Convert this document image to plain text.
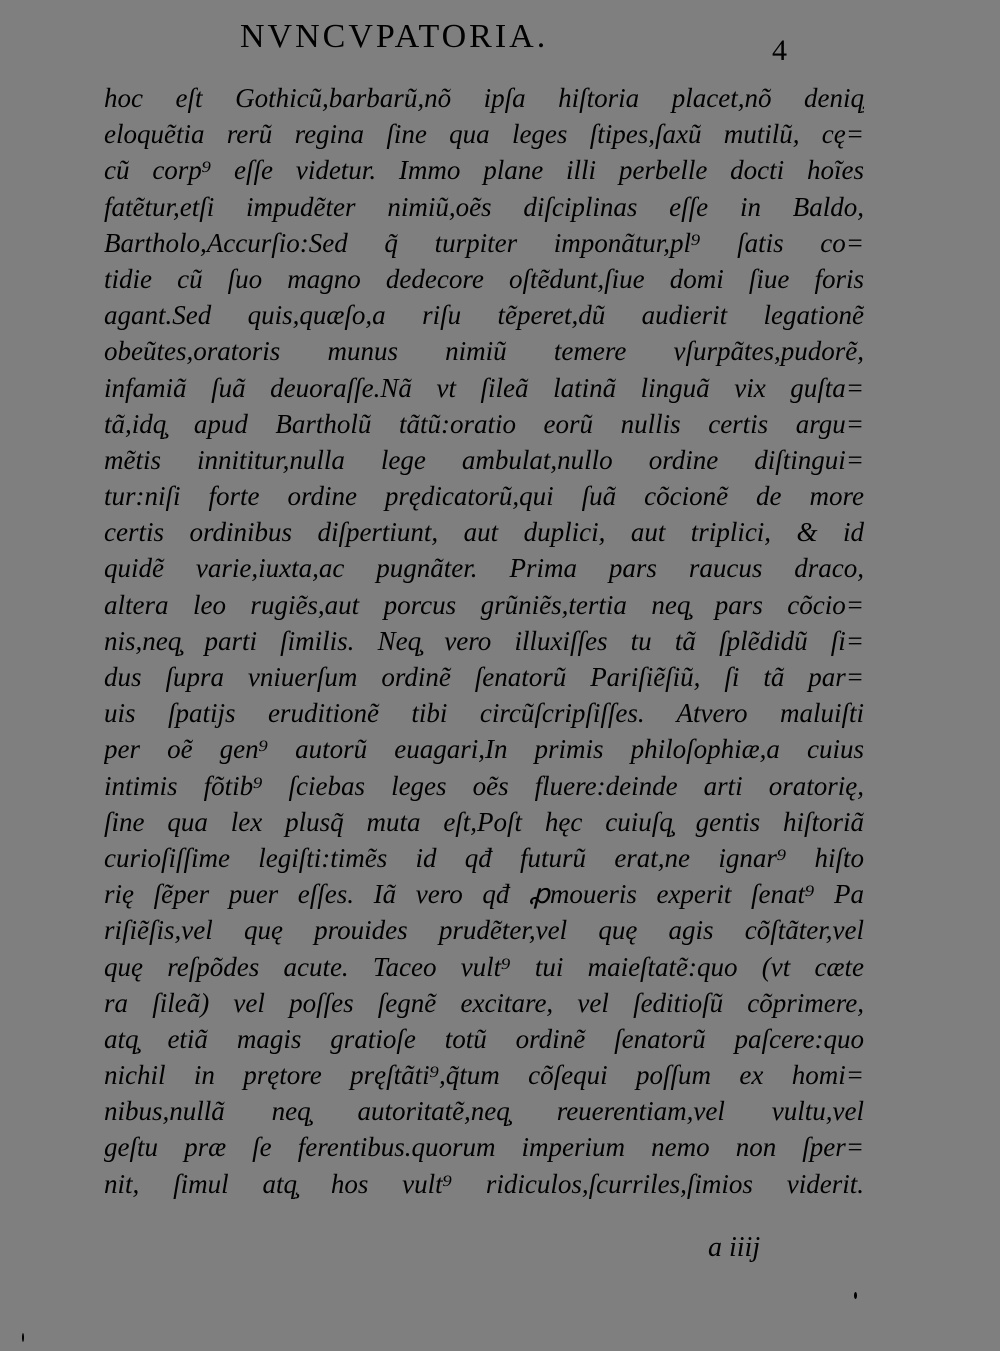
NVNCVPATORIA.	4
hoc eſt Gothicũ,barbarũ,nõ ipſa hiſtoria placet,nõ deniq̧
eloquẽtia rerũ regina ſine qua leges ſtipes,ſaxũ mutilũ, cę=
cũ corp⁹ eſſe videtur. Immo plane illi perbelle docti hoĩes
fatẽtur,etſi impudẽter nimiũ,oẽs diſciplinas eſſe in Baldo,
Bartholo,Accurſio:Sed q̃ turpiter imponãtur,pl⁹ ſatis co=
tidie cũ ſuo magno dedecore oſtẽdunt,ſiue domi ſiue foris
agant.Sed quis,quæſo,a riſu tẽperet,dũ audierit legationẽ
obeũtes,oratoris munus nimiũ temere vſurpãtes,pudorẽ,
infamiã ſuã deuoraſſe.Nã vt ſileã latinã linguã vix guſta=
tã,idq̧ apud Bartholũ tãtũ:oratio eorũ nullis certis argu=
mẽtis innititur,nulla lege ambulat,nullo ordine diſtingui=
tur:niſi forte ordine prędicatorũ,qui ſuã cõcionẽ de more
certis ordinibus diſpertiunt, aut duplici, aut triplici, & id
quidẽ varie,iuxta,ac pugnãter. Prima pars raucus draco,
altera leo rugiẽs,aut porcus grũniẽs,tertia neq̧ pars cõcio=
nis,neq̧ parti ſimilis. Neq̧ vero illuxiſſes tu tã ſplẽdidũ ſi=
dus ſupra vniuerſum ordinẽ ſenatorũ Pariſiẽſiũ, ſi tã par=
uis ſpatijs eruditionẽ tibi circũſcripſiſſes. Atvero maluiſti
per oẽ gen⁹ autorũ euagari,In primis philoſophiæ,a cuius
intimis fõtib⁹ ſciebas leges oẽs fluere:deinde arti oratorię,
ſine qua lex plusq̃ muta eſt,Poſt hęc cuiuſq̧ gentis hiſtoriã
curioſiſſime legiſti:timẽs id qđ futurũ erat,ne ignar⁹ hiſto
rię ſẽper puer eſſes. Iã vero qđ ꝓmoueris experit ſenat⁹ Pa
riſiẽſis,vel quę prouides prudẽter,vel quę agis cõſtãter,vel
quę reſpõdes acute. Taceo vult⁹ tui maieſtatẽ:quo (vt cæte
ra ſileã) vel poſſes ſegnẽ excitare, vel ſeditioſũ cõprimere,
atq̧ etiã magis gratioſe totũ ordinẽ ſenatorũ paſcere:quo
nichil in prętore pręſtãti⁹,q̃tum cõſequi poſſum ex homi=
nibus,nullã neq̧ autoritatẽ,neq̧ reuerentiam,vel vultu,vel
geſtu præ ſe ferentibus.quorum imperium nemo non ſper=
nit, ſimul atq̧ hos vult⁹ ridiculos,ſcurriles,ſimios viderit.
a iiij
